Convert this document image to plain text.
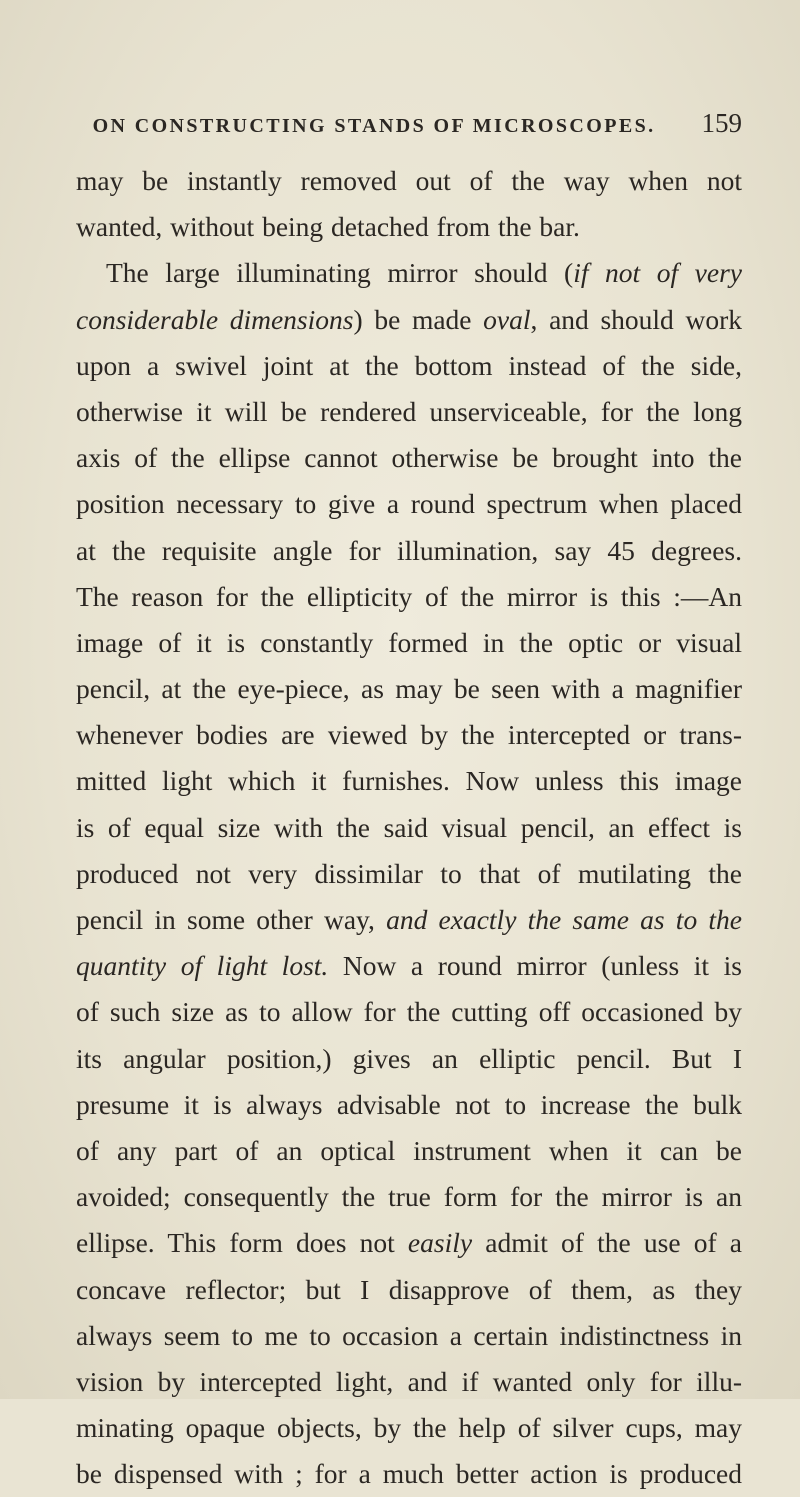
ON CONSTRUCTING STANDS OF MICROSCOPES. 159
may be instantly removed out of the way when not
wanted, without being detached from the bar.
The large illuminating mirror should (if not of very
considerable dimensions) be made oval, and should work
upon a swivel joint at the bottom instead of the side,
otherwise it will be rendered unserviceable, for the long
axis of the ellipse cannot otherwise be brought into the
position necessary to give a round spectrum when placed
at the requisite angle for illumination, say 45 degrees.
The reason for the ellipticity of the mirror is this :—An
image of it is constantly formed in the optic or visual
pencil, at the eye-piece, as may be seen with a magnifier
whenever bodies are viewed by the intercepted or trans-
mitted light which it furnishes. Now unless this image
is of equal size with the said visual pencil, an effect is
produced not very dissimilar to that of mutilating the
pencil in some other way, and exactly the same as to the
quantity of light lost. Now a round mirror (unless it is
of such size as to allow for the cutting off occasioned by
its angular position,) gives an elliptic pencil. But I
presume it is always advisable not to increase the bulk
of any part of an optical instrument when it can be
avoided; consequently the true form for the mirror is an
ellipse. This form does not easily admit of the use of a
concave reflector; but I disapprove of them, as they
always seem to me to occasion a certain indistinctness in
vision by intercepted light, and if wanted only for illu-
minating opaque objects, by the help of silver cups, may
be dispensed with ; for a much better action is produced
